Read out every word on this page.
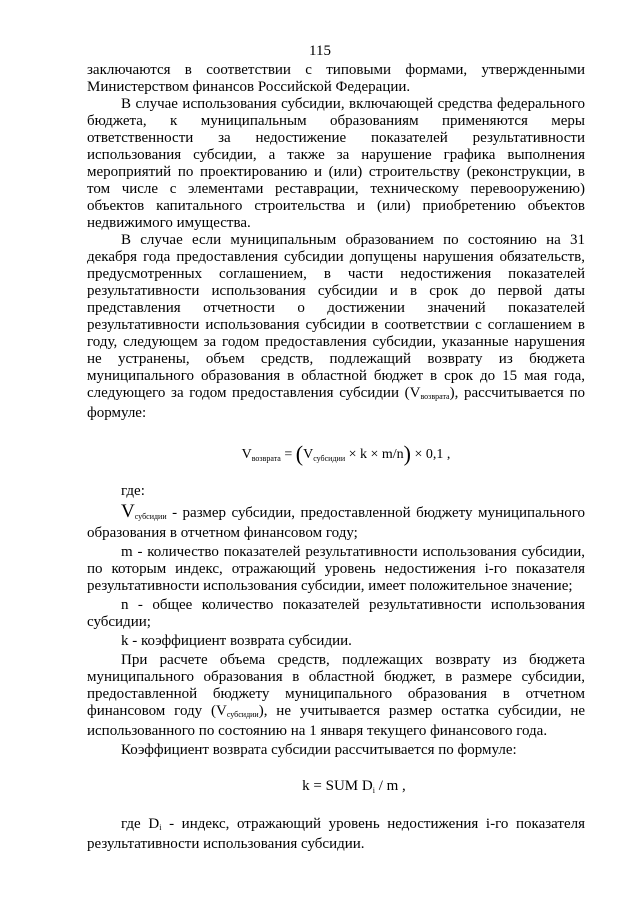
115

заключаются в соответствии с типовыми формами, утвержденными Министерством финансов Российской Федерации.

В случае использования субсидии, включающей средства федерального бюджета, к муниципальным образованиям применяются меры ответственности за недостижение показателей результативности использования субсидии, а также за нарушение графика выполнения мероприятий по проектированию и (или) строительству (реконструкции, в том числе с элементами реставрации, техническому перевооружению) объектов капитального строительства и (или) приобретению объектов недвижимого имущества.

В случае если муниципальным образованием по состоянию на 31 декабря года предоставления субсидии допущены нарушения обязательств, предусмотренных соглашением, в части недостижения показателей результативности использования субсидии и в срок до первой даты представления отчетности о достижении значений показателей результативности использования субсидии в соответствии с соглашением в году, следующем за годом предоставления субсидии, указанные нарушения не устранены, объем средств, подлежащий возврату из бюджета муниципального образования в областной бюджет в срок до 15 мая года, следующего за годом предоставления субсидии (Vвозврата), рассчитывается по формуле:

$V_{возврата} = (V_{субсидии} \times k \times m/n) \times 0,1$ ,

где:

Vсубсидии - размер субсидии, предоставленной бюджету муниципального образования в отчетном финансовом году;

m - количество показателей результативности использования субсидии, по которым индекс, отражающий уровень недостижения i-го показателя результативности использования субсидии, имеет положительное значение;

n - общее количество показателей результативности использования субсидии;

k - коэффициент возврата субсидии.

При расчете объема средств, подлежащих возврату из бюджета муниципального образования в областной бюджет, в размере субсидии, предоставленной бюджету муниципального образования в отчетном финансовом году (Vсубсидии), не учитывается размер остатка субсидии, не использованного по состоянию на 1 января текущего финансового года.

Коэффициент возврата субсидии рассчитывается по формуле:

k = SUM $D_i$ / m ,

где Di - индекс, отражающий уровень недостижения i-го показателя результативности использования субсидии.
